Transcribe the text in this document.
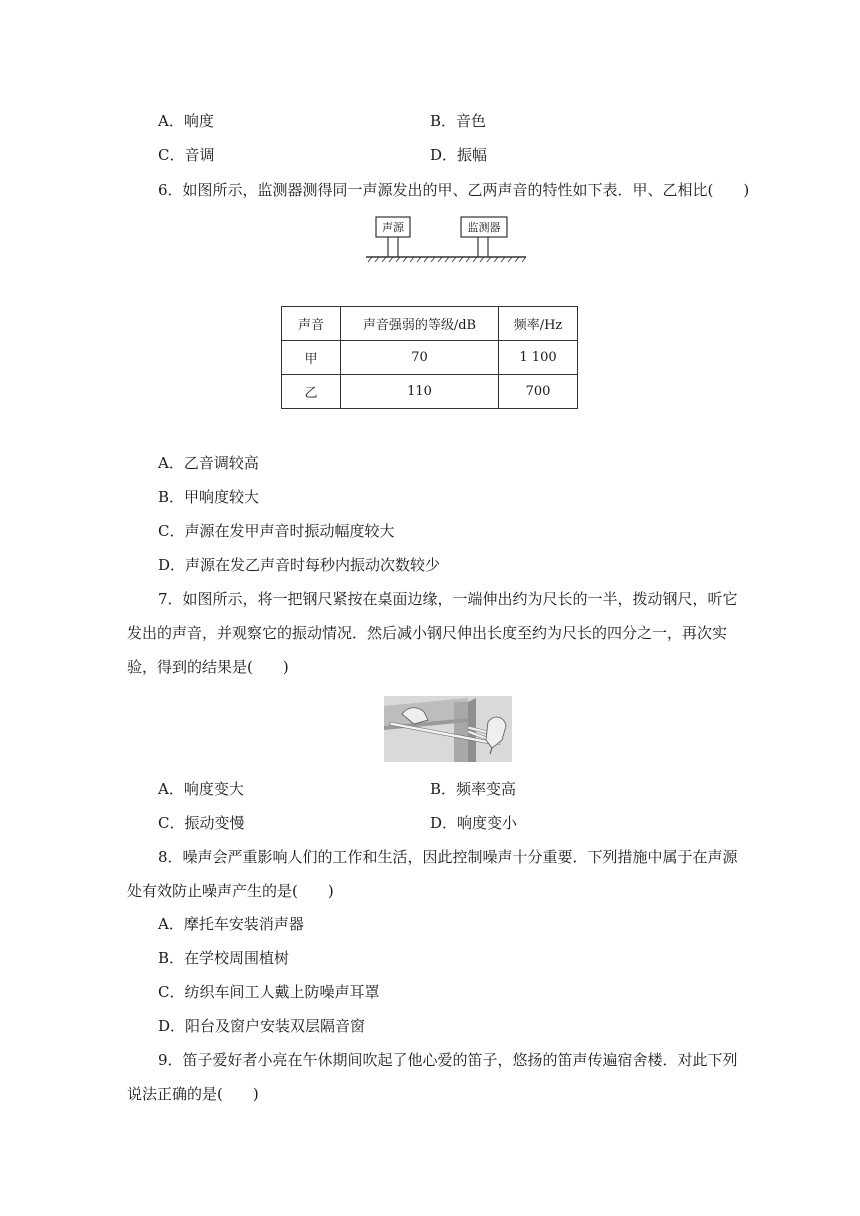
A．响度	B．音色
C．音调	D．振幅
6．如图所示，监测器测得同一声源发出的甲、乙两声音的特性如下表．甲、乙相比(　　)
声源	监测器
声音	声音强弱的等级/dB	频率/Hz
甲	70	1 100
乙	110	700
A．乙音调较高
B．甲响度较大
C．声源在发甲声音时振动幅度较大
D．声源在发乙声音时每秒内振动次数较少
7．如图所示，将一把钢尺紧按在桌面边缘，一端伸出约为尺长的一半，拨动钢尺，听它
发出的声音，并观察它的振动情况．然后减小钢尺伸出长度至约为尺长的四分之一，再次实
验，得到的结果是(　　)
A．响度变大	B．频率变高
C．振动变慢	D．响度变小
8．噪声会严重影响人们的工作和生活，因此控制噪声十分重要．下列措施中属于在声源
处有效防止噪声产生的是(　　)
A．摩托车安装消声器
B．在学校周围植树
C．纺织车间工人戴上防噪声耳罩
D．阳台及窗户安装双层隔音窗
9．笛子爱好者小亮在午休期间吹起了他心爱的笛子，悠扬的笛声传遍宿舍楼．对此下列
说法正确的是(　　)
